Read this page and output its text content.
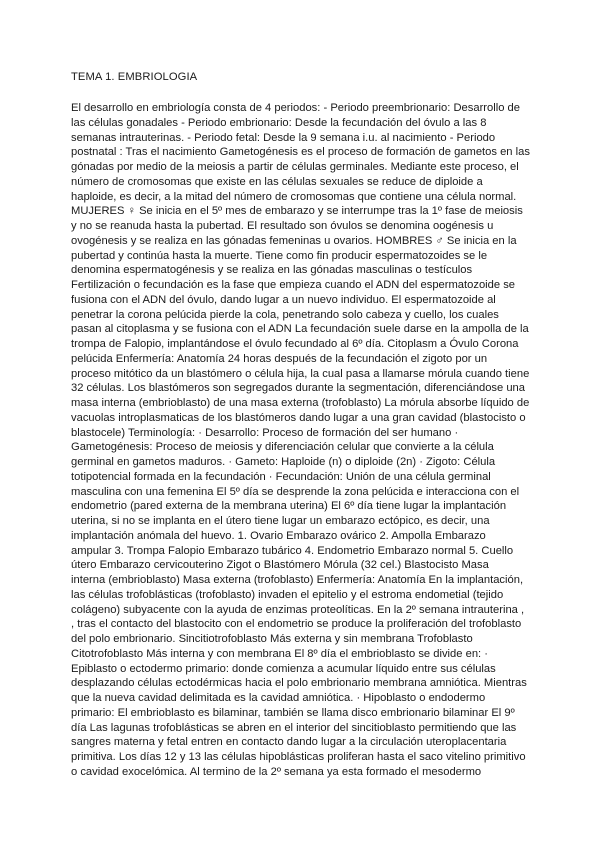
TEMA 1. EMBRIOLOGIA
El desarrollo en embriología consta de 4 periodos: - Periodo preembrionario: Desarrollo de
las células gonadales - Periodo embrionario: Desde la fecundación del óvulo a las 8
semanas intrauterinas. - Periodo fetal: Desde la 9 semana i.u. al nacimiento - Periodo
postnatal : Tras el nacimiento Gametogénesis es el proceso de formación de gametos en las
gónadas por medio de la meiosis a partir de células germinales. Mediante este proceso, el
número de cromosomas que existe en las células sexuales se reduce de diploide a
haploide, es decir, a la mitad del número de cromosomas que contiene una célula normal.
MUJERES ♀ Se inicia en el 5º mes de embarazo y se interrumpe tras la 1º fase de meiosis
y no se reanuda hasta la pubertad. El resultado son óvulos se denomina oogénesis u
ovogénesis y se realiza en las gónadas femeninas u ovarios. HOMBRES ♂ Se inicia en la
pubertad y continúa hasta la muerte. Tiene como fin producir espermatozoides se le
denomina espermatogénesis y se realiza en las gónadas masculinas o testículos
Fertilización o fecundación es la fase que empieza cuando el ADN del espermatozoide se
fusiona con el ADN del óvulo, dando lugar a un nuevo individuo. El espermatozoide al
penetrar la corona pelúcida pierde la cola, penetrando solo cabeza y cuello, los cuales
pasan al citoplasma y se fusiona con el ADN La fecundación suele darse en la ampolla de la
trompa de Falopio, implantándose el óvulo fecundado al 6º día. Citoplasm a Óvulo Corona
pelúcida Enfermería: Anatomía 24 horas después de la fecundación el zigoto por un
proceso mitótico da un blastómero o célula hija, la cual pasa a llamarse mórula cuando tiene
32 células. Los blastómeros son segregados durante la segmentación, diferenciándose una
masa interna (embrioblasto) de una masa externa (trofoblasto) La mórula absorbe líquido de
vacuolas introplasmaticas de los blastómeros dando lugar a una gran cavidad (blastocisto o
blastocele) Terminología: · Desarrollo: Proceso de formación del ser humano ·
Gametogénesis: Proceso de meiosis y diferenciación celular que convierte a la célula
germinal en gametos maduros. · Gameto: Haploide (n) o diploide (2n) · Zigoto: Célula
totipotencial formada en la fecundación · Fecundación: Unión de una célula germinal
masculina con una femenina El 5º día se desprende la zona pelúcida e interacciona con el
endometrio (pared externa de la membrana uterina) El 6º día tiene lugar la implantación
uterina, si no se implanta en el útero tiene lugar un embarazo ectópico, es decir, una
implantación anómala del huevo. 1. Ovario Embarazo ovárico 2. Ampolla Embarazo
ampular 3. Trompa Falopio Embarazo tubárico 4. Endometrio Embarazo normal 5. Cuello
útero Embarazo cervicouterino Zigot o Blastómero Mórula (32 cel.) Blastocisto Masa
interna (embrioblasto) Masa externa (trofoblasto) Enfermería: Anatomía En la implantación,
las células trofoblásticas (trofoblasto) invaden el epitelio y el estroma endometial (tejido
colágeno) subyacente con la ayuda de enzimas proteolíticas. En la 2º semana intrauterina ,
, tras el contacto del blastocito con el endometrio se produce la proliferación del trofoblasto
del polo embrionario. Sincitiotrofoblasto Más externa y sin membrana Trofoblasto
Citotrofoblasto Más interna y con membrana El 8º día el embrioblasto se divide en: ·
Epiblasto o ectodermo primario: donde comienza a acumular líquido entre sus células
desplazando células ectodérmicas hacia el polo embrionario membrana amniótica. Mientras
que la nueva cavidad delimitada es la cavidad amniótica. · Hipoblasto o endodermo
primario: El embrioblasto es bilaminar, también se llama disco embrionario bilaminar El 9º
día Las lagunas trofoblásticas se abren en el interior del sincitioblasto permitiendo que las
sangres materna y fetal entren en contacto dando lugar a la circulación uteroplacentaria
primitiva. Los días 12 y 13 las células hipoblásticas proliferan hasta el saco vitelino primitivo
o cavidad exocelómica. Al termino de la 2º semana ya esta formado el mesodermo
